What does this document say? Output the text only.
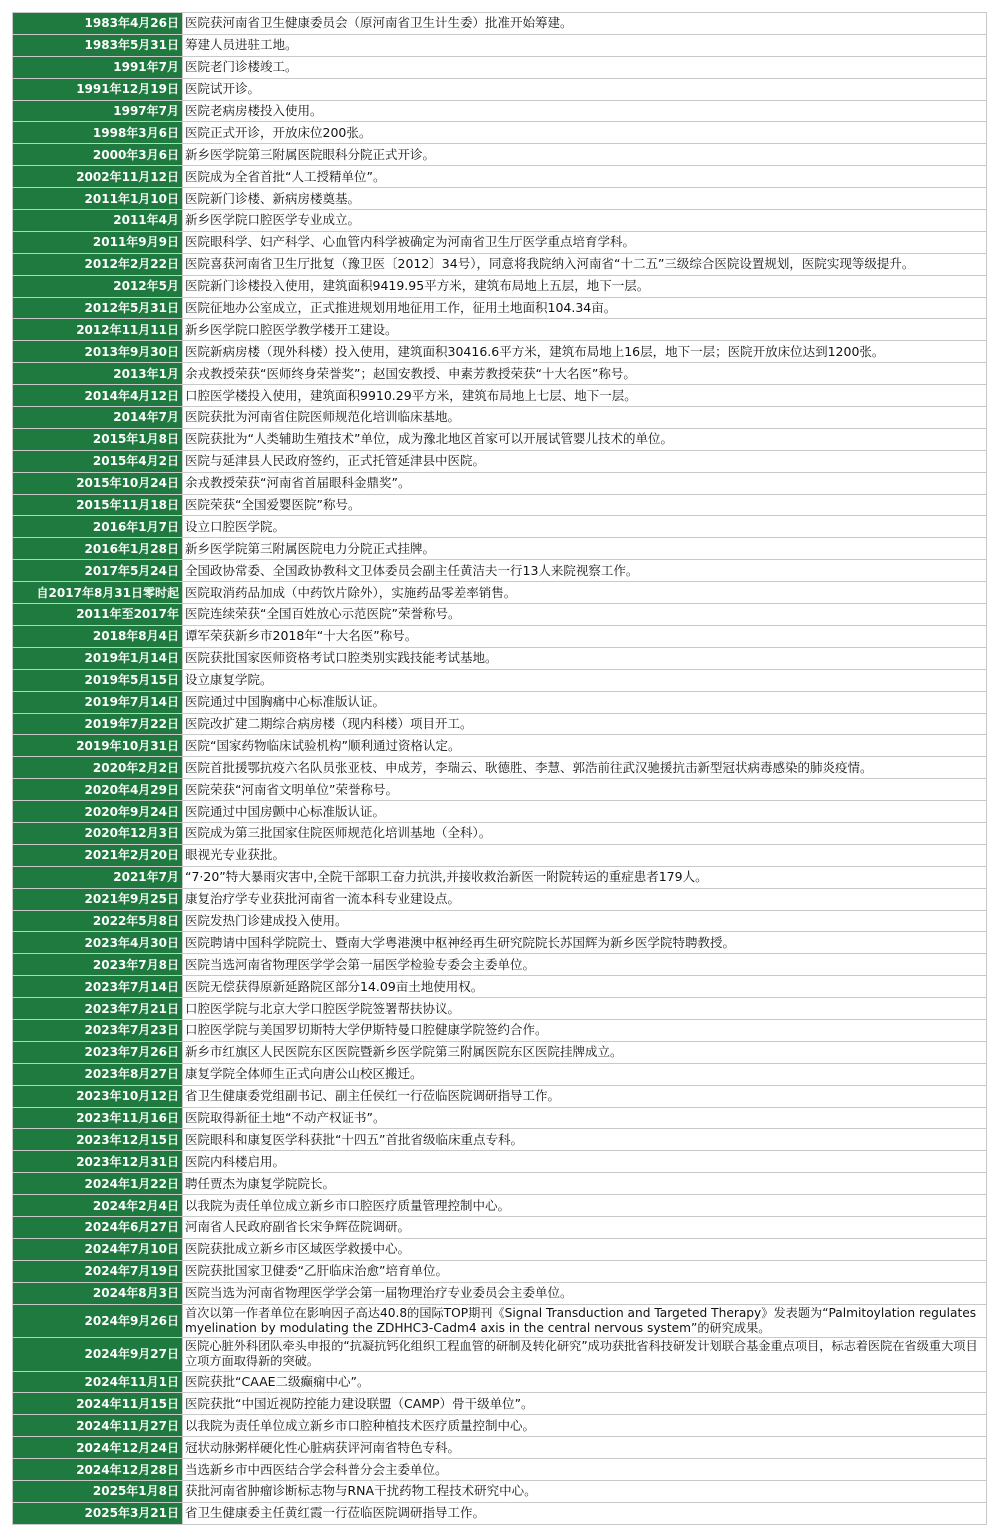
1983年4月26日	医院获河南省卫生健康委员会（原河南省卫生计生委）批准开始筹建。
1983年5月31日	筹建人员进驻工地。
1991年7月	医院老门诊楼竣工。
1991年12月19日	医院试开诊。
1997年7月	医院老病房楼投入使用。
1998年3月6日	医院正式开诊，开放床位200张。
2000年3月6日	新乡医学院第三附属医院眼科分院正式开诊。
2002年11月12日	医院成为全省首批“人工授精单位”。
2011年1月10日	医院新门诊楼、新病房楼奠基。
2011年4月	新乡医学院口腔医学专业成立。
2011年9月9日	医院眼科学、妇产科学、心血管内科学被确定为河南省卫生厅医学重点培育学科。
2012年2月22日	医院喜获河南省卫生厅批复（豫卫医〔2012〕34号），同意将我院纳入河南省“十二五”三级综合医院设置规划，医院实现等级提升。
2012年5月	医院新门诊楼投入使用，建筑面积9419.95平方米，建筑布局地上五层，地下一层。
2012年5月31日	医院征地办公室成立，正式推进规划用地征用工作，征用土地面积104.34亩。
2012年11月11日	新乡医学院口腔医学教学楼开工建设。
2013年9月30日	医院新病房楼（现外科楼）投入使用，建筑面积30416.6平方米，建筑布局地上16层，地下一层；医院开放床位达到1200张。
2013年1月	余戎教授荣获“医师终身荣誉奖”；赵国安教授、申素芳教授荣获“十大名医”称号。
2014年4月12日	口腔医学楼投入使用，建筑面积9910.29平方米，建筑布局地上七层、地下一层。
2014年7月	医院获批为河南省住院医师规范化培训临床基地。
2015年1月8日	医院获批为“人类辅助生殖技术”单位，成为豫北地区首家可以开展试管婴儿技术的单位。
2015年4月2日	医院与延津县人民政府签约，正式托管延津县中医院。
2015年10月24日	余戎教授荣获“河南省首届眼科金鼎奖”。
2015年11月18日	医院荣获“全国爱婴医院”称号。
2016年1月7日	设立口腔医学院。
2016年1月28日	新乡医学院第三附属医院电力分院正式挂牌。
2017年5月24日	全国政协常委、全国政协教科文卫体委员会副主任黄洁夫一行13人来院视察工作。
自2017年8月31日零时起	医院取消药品加成（中药饮片除外），实施药品零差率销售。
2011年至2017年	医院连续荣获“全国百姓放心示范医院”荣誉称号。
2018年8月4日	谭军荣获新乡市2018年“十大名医”称号。
2019年1月14日	医院获批国家医师资格考试口腔类别实践技能考试基地。
2019年5月15日	设立康复学院。
2019年7月14日	医院通过中国胸痛中心标准版认证。
2019年7月22日	医院改扩建二期综合病房楼（现内科楼）项目开工。
2019年10月31日	医院“国家药物临床试验机构”顺利通过资格认定。
2020年2月2日	医院首批援鄂抗疫六名队员张亚枝、申成芳，李瑞云、耿德胜、李慧、郭浩前往武汉驰援抗击新型冠状病毒感染的肺炎疫情。
2020年4月29日	医院荣获“河南省文明单位”荣誉称号。
2020年9月24日	医院通过中国房颤中心标准版认证。
2020年12月3日	医院成为第三批国家住院医师规范化培训基地（全科）。
2021年2月20日	眼视光专业获批。
2021年7月	“7·20”特大暴雨灾害中,全院干部职工奋力抗洪,并接收救治新医一附院转运的重症患者179人。
2021年9月25日	康复治疗学专业获批河南省一流本科专业建设点。
2022年5月8日	医院发热门诊建成投入使用。
2023年4月30日	医院聘请中国科学院院士、暨南大学粤港澳中枢神经再生研究院院长苏国辉为新乡医学院特聘教授。
2023年7月8日	医院当选河南省物理医学学会第一届医学检验专委会主委单位。
2023年7月14日	医院无偿获得原新延路院区部分14.09亩土地使用权。
2023年7月21日	口腔医学院与北京大学口腔医学院签署帮扶协议。
2023年7月23日	口腔医学院与美国罗切斯特大学伊斯特曼口腔健康学院签约合作。
2023年7月26日	新乡市红旗区人民医院东区医院暨新乡医学院第三附属医院东区医院挂牌成立。
2023年8月27日	康复学院全体师生正式向唐公山校区搬迁。
2023年10月12日	省卫生健康委党组副书记、副主任侯红一行莅临医院调研指导工作。
2023年11月16日	医院取得新征土地“不动产权证书”。
2023年12月15日	医院眼科和康复医学科获批“十四五”首批省级临床重点专科。
2023年12月31日	医院内科楼启用。
2024年1月22日	聘任贾杰为康复学院院长。
2024年2月4日	以我院为责任单位成立新乡市口腔医疗质量管理控制中心。
2024年6月27日	河南省人民政府副省长宋争辉莅院调研。
2024年7月10日	医院获批成立新乡市区域医学救援中心。
2024年7月19日	医院获批国家卫健委“乙肝临床治愈”培育单位。
2024年8月3日	医院当选为河南省物理医学学会第一届物理治疗专业委员会主委单位。
2024年9月26日	首次以第一作者单位在影响因子高达40.8的国际TOP期刊《Signal Transduction and Targeted Therapy》发表题为“Palmitoylation regulates myelination by modulating the ZDHHC3-Cadm4 axis in the central nervous system”的研究成果。
2024年9月27日	医院心脏外科团队牵头申报的“抗凝抗钙化组织工程血管的研制及转化研究”成功获批省科技研发计划联合基金重点项目，标志着医院在省级重大项目立项方面取得新的突破。
2024年11月1日	医院获批“CAAE二级癫痫中心”。
2024年11月15日	医院获批“中国近视防控能力建设联盟（CAMP）骨干级单位”。
2024年11月27日	以我院为责任单位成立新乡市口腔种植技术医疗质量控制中心。
2024年12月24日	冠状动脉粥样硬化性心脏病获评河南省特色专科。
2024年12月28日	当选新乡市中西医结合学会科普分会主委单位。
2025年1月8日	获批河南省肿瘤诊断标志物与RNA干扰药物工程技术研究中心。
2025年3月21日	省卫生健康委主任黄红霞一行莅临医院调研指导工作。
